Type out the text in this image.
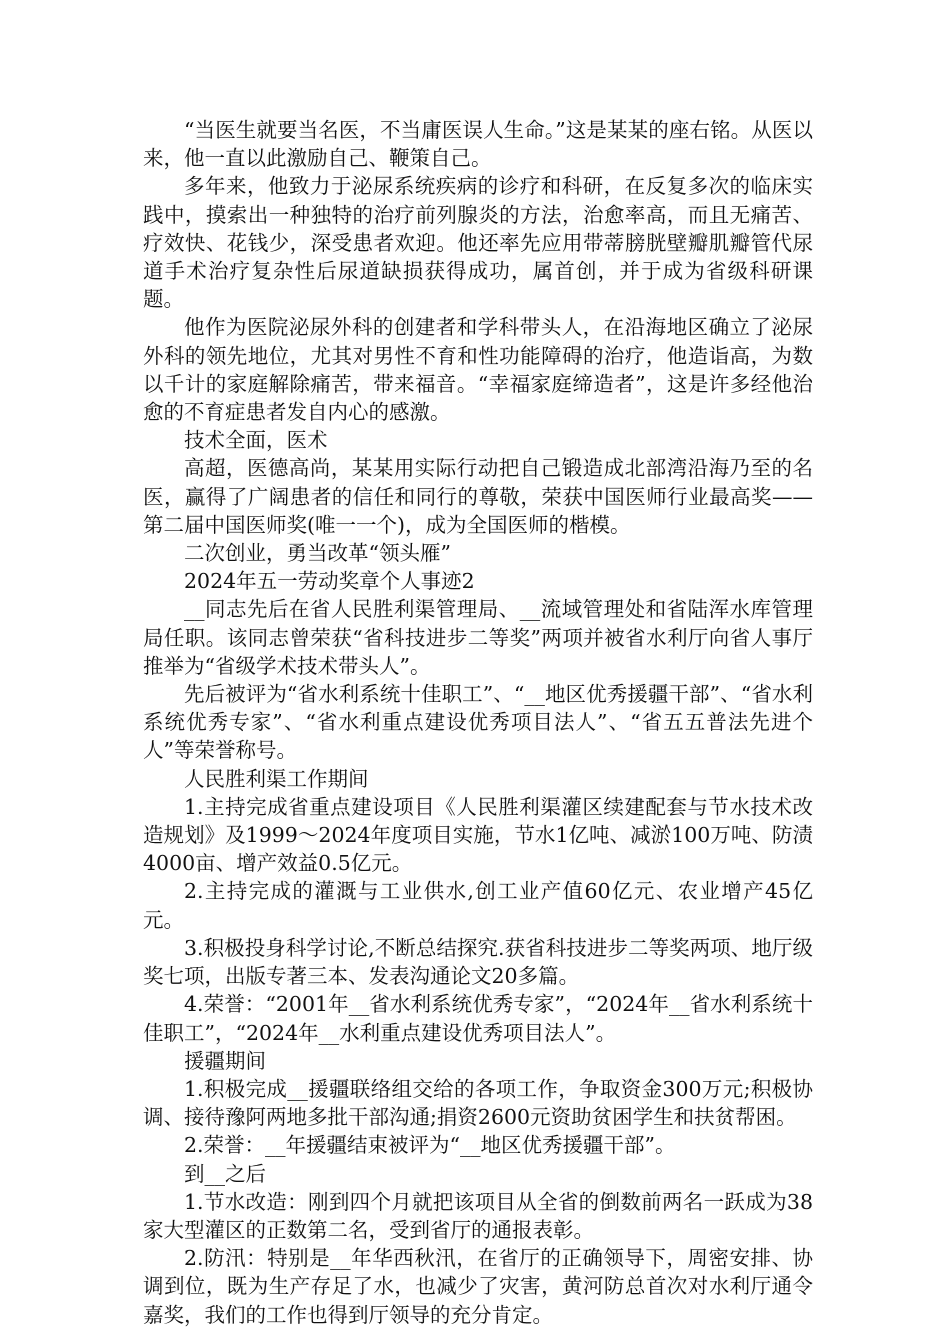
“当医生就要当名医，不当庸医误人生命。”这是某某的座右铭。从医以来，他一直以此激励自己、鞭策自己。

多年来，他致力于泌尿系统疾病的诊疗和科研，在反复多次的临床实践中，摸索出一种独特的治疗前列腺炎的方法，治愈率高，而且无痛苦、疗效快、花钱少，深受患者欢迎。他还率先应用带蒂膀胱壁瓣肌瓣管代尿道手术治疗复杂性后尿道缺损获得成功，属首创，并于成为省级科研课题。

他作为医院泌尿外科的创建者和学科带头人，在沿海地区确立了泌尿外科的领先地位，尤其对男性不育和性功能障碍的治疗，他造诣高，为数以千计的家庭解除痛苦，带来福音。“幸福家庭缔造者”，这是许多经他治愈的不育症患者发自内心的感激。

技术全面，医术

高超，医德高尚，某某用实际行动把自己锻造成北部湾沿海乃至的名医，赢得了广阔患者的信任和同行的尊敬，荣获中国医师行业最高奖——第二届中国医师奖(唯一一个)，成为全国医师的楷模。

二次创业，勇当改革“领头雁”

2024年五一劳动奖章个人事迹2

__同志先后在省人民胜利渠管理局、__流域管理处和省陆浑水库管理局任职。该同志曾荣获“省科技进步二等奖”两项并被省水利厅向省人事厅推举为“省级学术技术带头人”。

先后被评为“省水利系统十佳职工”、“__地区优秀援疆干部”、“省水利系统优秀专家”、“省水利重点建设优秀项目法人”、“省五五普法先进个人”等荣誉称号。

人民胜利渠工作期间

1.主持完成省重点建设项目《人民胜利渠灌区续建配套与节水技术改造规划》及1999～2024年度项目实施，节水1亿吨、减淤100万吨、防渍4000亩、增产效益0.5亿元。

2.主持完成的灌溉与工业供水,创工业产值60亿元、农业增产45亿元。

3.积极投身科学讨论,不断总结探究.获省科技进步二等奖两项、地厅级奖七项，出版专著三本、发表沟通论文20多篇。

4.荣誉：“2001年__省水利系统优秀专家”，“2024年__省水利系统十佳职工”，“2024年__水利重点建设优秀项目法人”。

援疆期间

1.积极完成__援疆联络组交给的各项工作，争取资金300万元;积极协调、接待豫阿两地多批干部沟通;捐资2600元资助贫困学生和扶贫帮困。

2.荣誉：__年援疆结束被评为“__地区优秀援疆干部”。

到__之后

1.节水改造：刚到四个月就把该项目从全省的倒数前两名一跃成为38家大型灌区的正数第二名，受到省厅的通报表彰。

2.防汛：特别是__年华西秋汛，在省厅的正确领导下，周密安排、协调到位，既为生产存足了水，也减少了灾害，黄河防总首次对水利厅通令嘉奖，我们的工作也得到厅领导的充分肯定。
